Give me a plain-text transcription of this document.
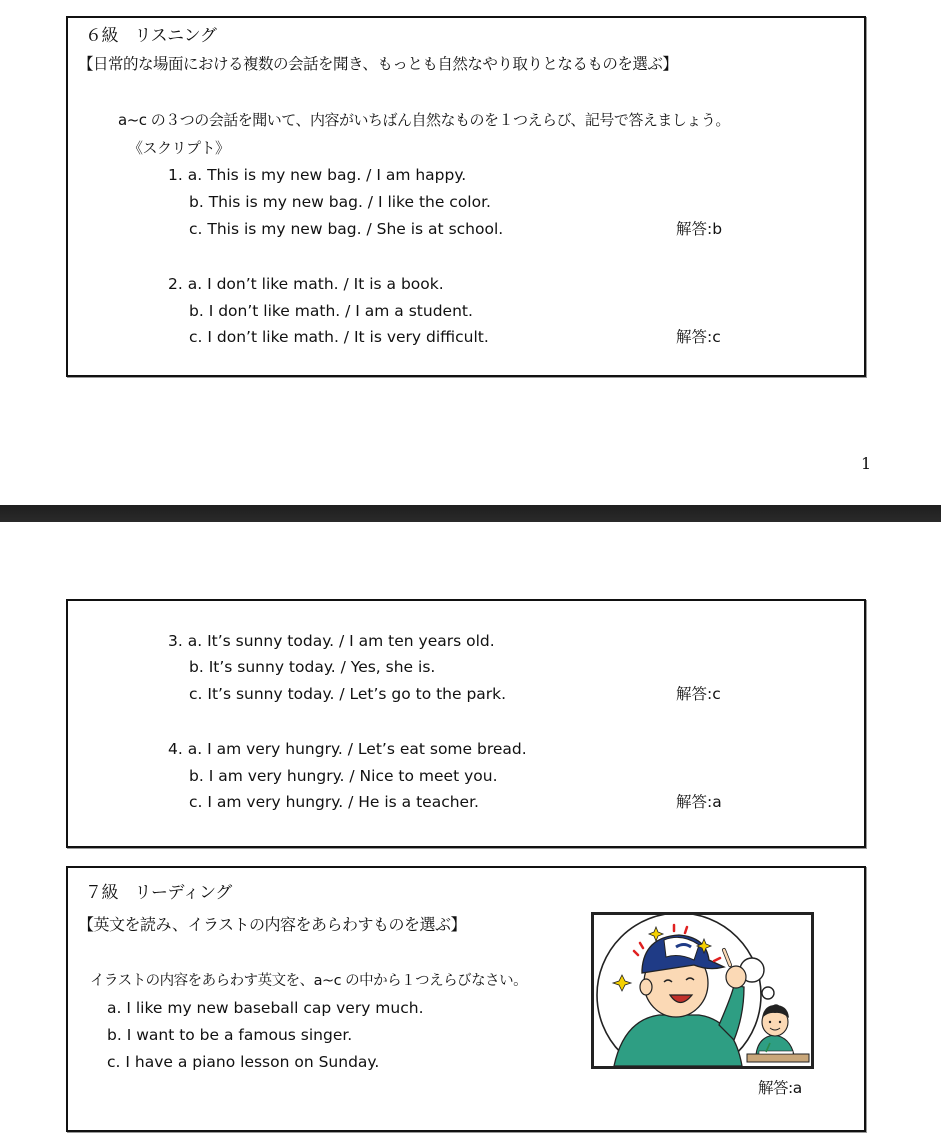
６級　リスニング
【日常的な場面における複数の会話を聞き、もっとも自然なやり取りとなるものを選ぶ】
a~c の３つの会話を聞いて、内容がいちばん自然なものを１つえらび、記号で答えましょう。
《スクリプト》
1. a. This is my new bag. / I am happy.
b. This is my new bag. / I like the color.
c. This is my new bag. / She is at school.	解答:b
2. a. I don’t like math. / It is a book.
b. I don’t like math. / I am a student.
c. I don’t like math. / It is very difficult.	解答:c
1
3. a. It’s sunny today. / I am ten years old.
b. It’s sunny today. / Yes, she is.
c. It’s sunny today. / Let’s go to the park.	解答:c
4. a. I am very hungry. / Let’s eat some bread.
b. I am very hungry. / Nice to meet you.
c. I am very hungry. / He is a teacher.	解答:a
７級　リーディング
【英文を読み、イラストの内容をあらわすものを選ぶ】
イラストの内容をあらわす英文を、a~c の中から１つえらびなさい。
a. I like my new baseball cap very much.
b. I want to be a famous singer.
c. I have a piano lesson on Sunday.
解答:a
